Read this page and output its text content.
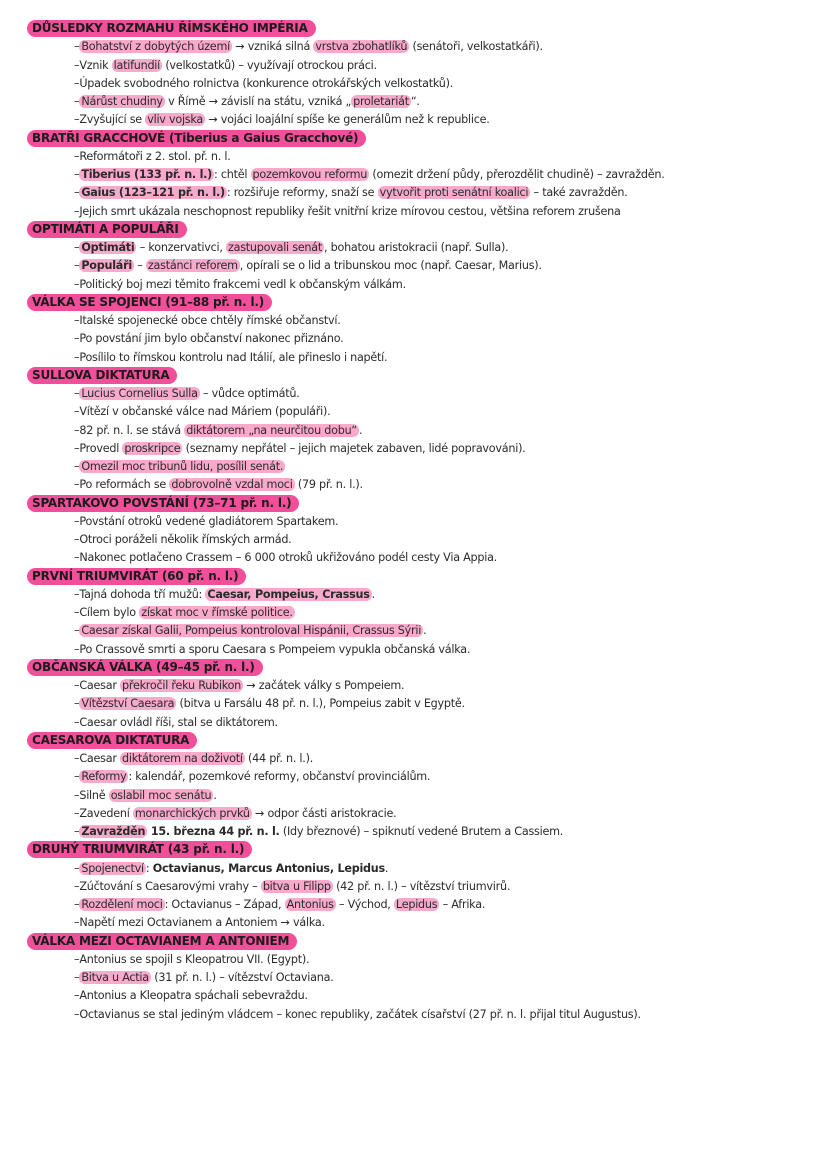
DŮSLEDKY ROZMAHU ŘÍMSKÉHO IMPÉRIA
– Bohatství z dobytých území → vzniká silná vrstva zbohatlíků (senátoři, velkostatkáři).
–Vznik latifundií (velkostatků) – využívají otrockou práci.
–Úpadek svobodného rolnictva (konkurence otrokářských velkostatků).
– Nárůst chudiny v Římě → závislí na státu, vzniká „ proletariát “.
–Zvyšující se vliv vojska → vojáci loajální spíše ke generálům než k republice.
BRATŘI GRACCHOVÉ (Tiberius a Gaius Gracchové)
–Reformátoři z 2. stol. př. n. l.
– Tiberius (133 př. n. l.) : chtěl pozemkovou reformu (omezit držení půdy, přerozdělit chudině) – zavražděn.
– Gaius (123–121 př. n. l.) : rozšiřuje reformy, snaží se vytvořit proti senátní koalici – také zavražděn.
–Jejich smrt ukázala neschopnost republiky řešit vnitřní krize mírovou cestou, většina reforem zrušena
OPTIMÁTI A POPULÁŘI
– Optimáti – konzervativci, zastupovali senát , bohatou aristokracii (např. Sulla).
– Populáři – zastánci reforem , opírali se o lid a tribunskou moc (např. Caesar, Marius).
–Politický boj mezi těmito frakcemi vedl k občanským válkám.
VÁLKA SE SPOJENCI (91–88 př. n. l.)
–Italské spojenecké obce chtěly římské občanství.
–Po povstání jim bylo občanství nakonec přiznáno.
–Posílilo to římskou kontrolu nad Itálií, ale přineslo i napětí.
SULLOVA DIKTATURA
– Lucius Cornelius Sulla – vůdce optimátů.
–Vítězí v občanské válce nad Máriem (populáři).
–82 př. n. l. se stává diktátorem „na neurčitou dobu“ .
–Provedl proskripce (seznamy nepřátel – jejich majetek zabaven, lidé popravováni).
– Omezil moc tribunů lidu, posílil senát.
–Po reformách se dobrovolně vzdal moci (79 př. n. l.).
SPARTAKOVO POVSTÁNÍ (73–71 př. n. l.)
–Povstání otroků vedené gladiátorem Spartakem.
–Otroci poráželi několik římských armád.
–Nakonec potlačeno Crassem – 6 000 otroků ukřižováno podél cesty Via Appia.
PRVNÍ TRIUMVIRÁT (60 př. n. l.)
–Tajná dohoda tří mužů: Caesar, Pompeius, Crassus .
–Cílem bylo získat moc v římské politice.
– Caesar získal Galii, Pompeius kontroloval Hispánii, Crassus Sýrii .
–Po Crassově smrti a sporu Caesara s Pompeiem vypukla občanská válka.
OBČANSKÁ VÁLKA (49–45 př. n. l.)
–Caesar překročil řeku Rubikon → začátek války s Pompeiem.
– Vítězství Caesara (bitva u Farsálu 48 př. n. l.), Pompeius zabit v Egyptě.
–Caesar ovládl říši, stal se diktátorem.
CAESAROVA DIKTATURA
–Caesar diktátorem na doživotí (44 př. n. l.).
– Reformy : kalendář, pozemkové reformy, občanství provinciálům.
–Silně oslabil moc senátu .
–Zavedení monarchických prvků → odpor části aristokracie.
– Zavražděn 15. března 44 př. n. l. (Idy březnové) – spiknutí vedené Brutem a Cassiem.
DRUHÝ TRIUMVIRÁT (43 př. n. l.)
– Spojenectví : Octavianus, Marcus Antonius, Lepidus.
–Zúčtování s Caesarovými vrahy – bitva u Filipp (42 př. n. l.) – vítězství triumvirů.
– Rozdělení moci : Octavianus – Západ, Antonius – Východ, Lepidus – Afrika.
–Napětí mezi Octavianem a Antoniem → válka.
VÁLKA MEZI OCTAVIANEM A ANTONIEM
–Antonius se spojil s Kleopatrou VII. (Egypt).
– Bitva u Actia (31 př. n. l.) – vítězství Octaviana.
–Antonius a Kleopatra spáchali sebevraždu.
–Octavianus se stal jediným vládcem – konec republiky, začátek císařství (27 př. n. l. přijal titul Augustus).
